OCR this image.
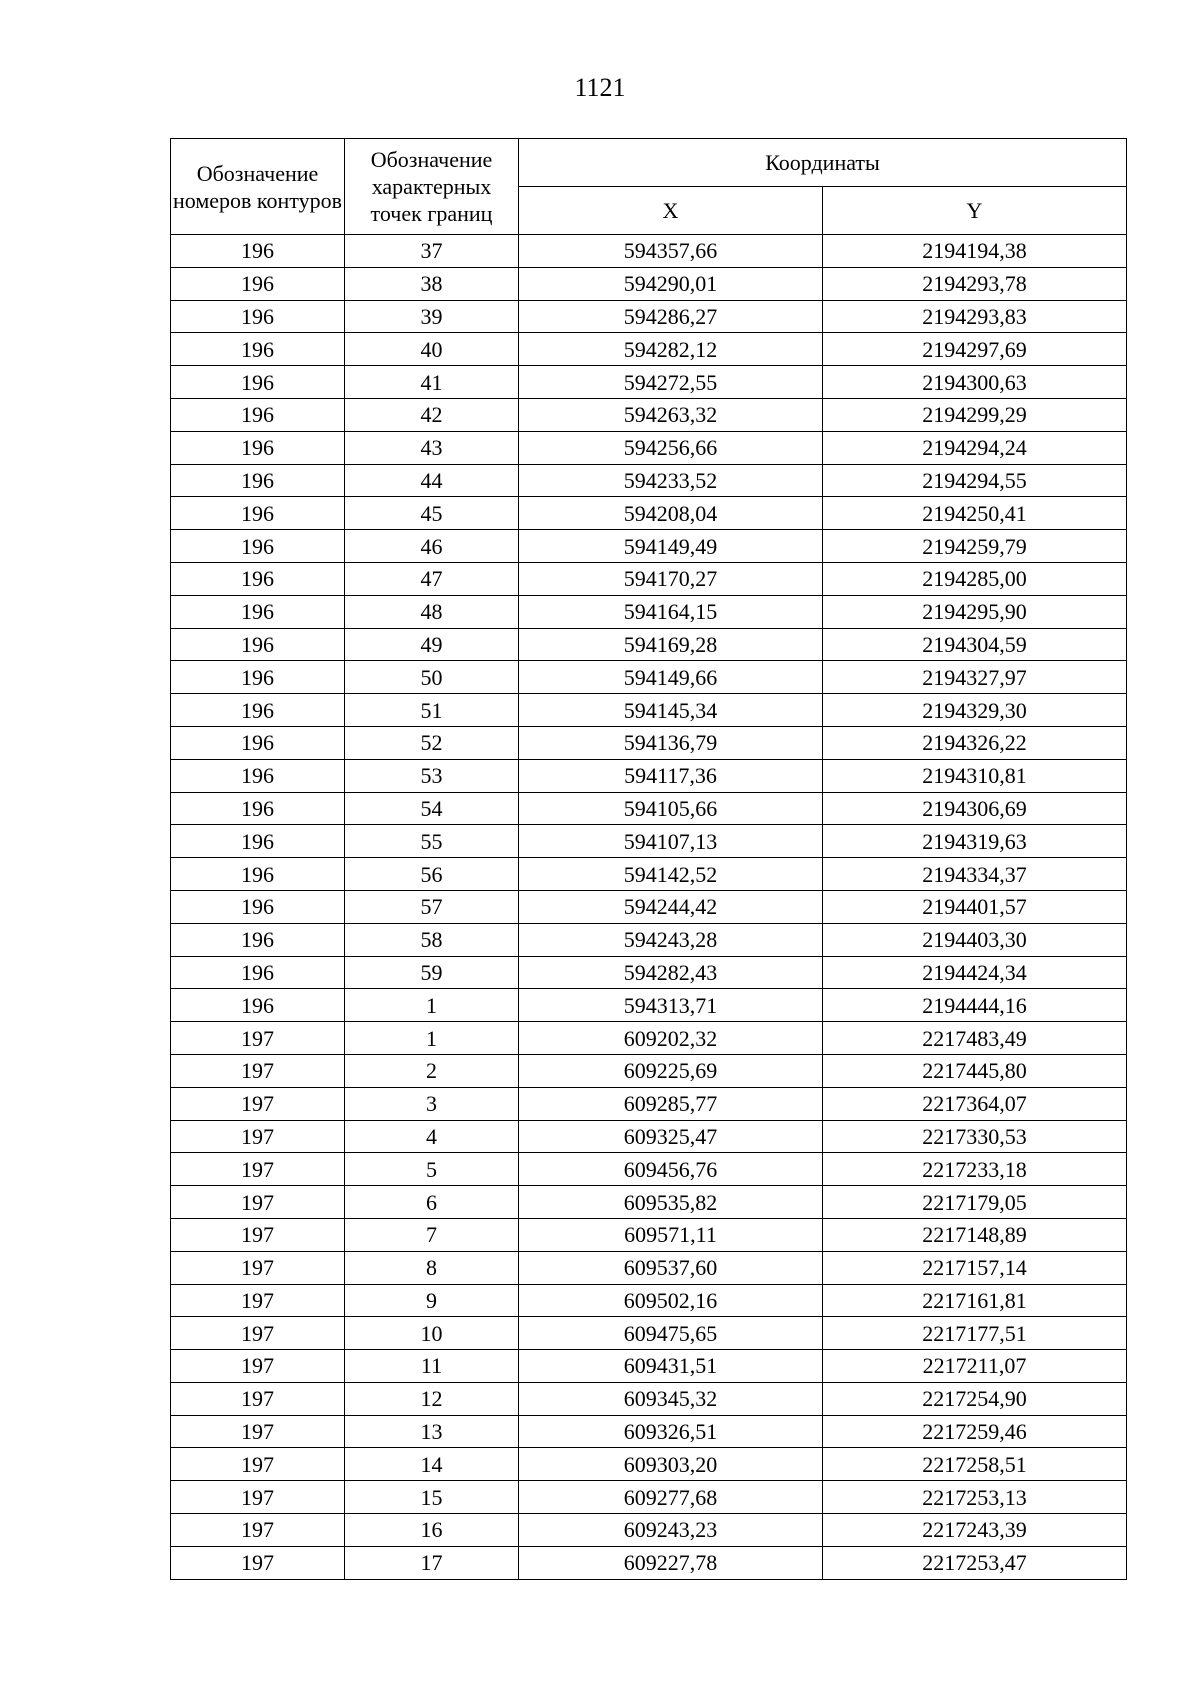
1121
Обозначение номеров контуров	Обозначение характерных точек границ	Координаты	
		X	Y
196	37	594357,66	2194194,38
196	38	594290,01	2194293,78
196	39	594286,27	2194293,83
196	40	594282,12	2194297,69
196	41	594272,55	2194300,63
196	42	594263,32	2194299,29
196	43	594256,66	2194294,24
196	44	594233,52	2194294,55
196	45	594208,04	2194250,41
196	46	594149,49	2194259,79
196	47	594170,27	2194285,00
196	48	594164,15	2194295,90
196	49	594169,28	2194304,59
196	50	594149,66	2194327,97
196	51	594145,34	2194329,30
196	52	594136,79	2194326,22
196	53	594117,36	2194310,81
196	54	594105,66	2194306,69
196	55	594107,13	2194319,63
196	56	594142,52	2194334,37
196	57	594244,42	2194401,57
196	58	594243,28	2194403,30
196	59	594282,43	2194424,34
196	1	594313,71	2194444,16
197	1	609202,32	2217483,49
197	2	609225,69	2217445,80
197	3	609285,77	2217364,07
197	4	609325,47	2217330,53
197	5	609456,76	2217233,18
197	6	609535,82	2217179,05
197	7	609571,11	2217148,89
197	8	609537,60	2217157,14
197	9	609502,16	2217161,81
197	10	609475,65	2217177,51
197	11	609431,51	2217211,07
197	12	609345,32	2217254,90
197	13	609326,51	2217259,46
197	14	609303,20	2217258,51
197	15	609277,68	2217253,13
197	16	609243,23	2217243,39
197	17	609227,78	2217253,47
